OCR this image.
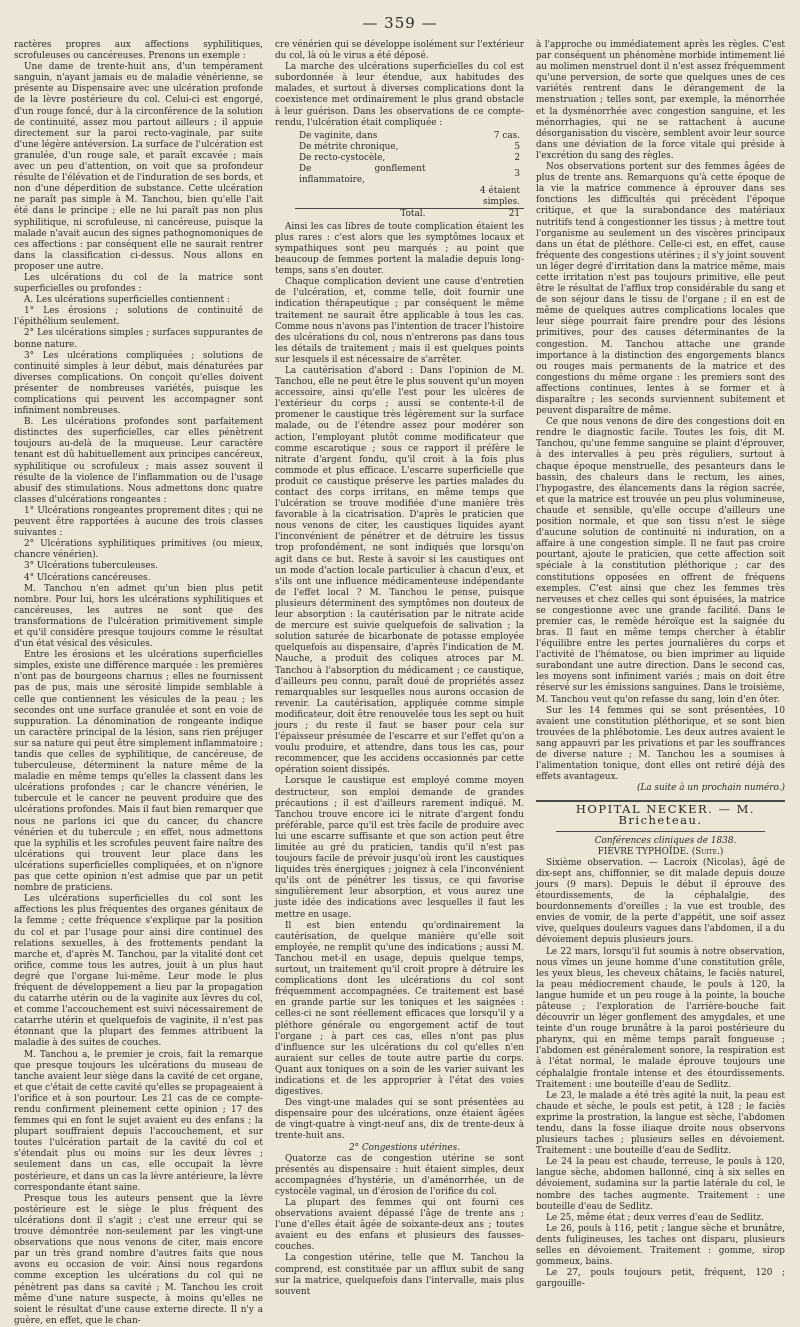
— 359 —

ractères propres aux affections syphilitiques, scrofuleuses ou cancéreuses. Prenons un exemple :

Une dame de trente-huit ans, d'un tempérament sanguin, n'ayant jamais eu de maladie vénérienne, se présente au Dispensaire avec une ulcération profonde de la lèvre postérieure du col. Celui-ci est engorgé, d'un rouge foncé, dur à la circonférence de la solution de continuité, assez mou partout ailleurs ; il appuie directement sur la paroi recto-vaginale, par suite d'une légère antéversion. La surface de l'ulcération est granulée, d'un rouge sale, et paraît excavée ; mais avec un peu d'attention, on voit que sa profondeur résulte de l'élévation et de l'induration de ses bords, et non d'une déperdition de substance. Cette ulcération ne paraît pas simple à M. Tanchou, bien qu'elle l'ait été dans le principe ; elle ne lui paraît pas non plus syphilitique, ni scrofuleuse, ni cancéreuse, puisque la malade n'avait aucun des signes pathognomoniques de ces affections : par conséquent elle ne saurait rentrer dans la classification ci-dessus. Nous allons en proposer une autre.

Les ulcérations du col de la matrice sont superficielles ou profondes :

A. Les ulcérations superficielles contiennent :

1° Les érosions ; solutions de continuité de l'épithélium seulement.

2° Les ulcérations simples ; surfaces suppurantes de bonne nature.

3° Les ulcérations compliquées ; solutions de continuité simples à leur début, mais dénaturées par diverses complications. On conçoit qu'elles doivent présenter de nombreuses variétés, puisque les complications qui peuvent les accompagner sont infiniment nombreuses.

B. Les ulcérations profondes sont parfaitement distinctes des superficielles, car elles pénètrent toujours au-delà de la muqueuse. Leur caractère tenant est dû habituellement aux principes cancéreux, syphilitique ou scrofuleux ; mais assez souvent il résulte de la violence de l'inflammation ou de l'usage abusif des stimulations. Nous admettons donc quatre classes d'ulcérations rongeantes :

1° Ulcérations rongeantes proprement dites ; qui ne peuvent être rapportées à aucune des trois classes suivantes :

2° Ulcérations syphilitiques primitives (ou mieux, chancre vénérien).

3° Ulcérations tuberculeuses.

4° Ulcérations cancéreuses.

M. Tanchou n'en admet qu'un bien plus petit nombre. Pour lui, hors les ulcérations syphilitiques et cancéreuses, les autres ne sont que des transformations de l'ulcération primitivement simple et qu'il considère presque toujours comme le résultat d'un état vésical des vésicules.

Entre les érosions et les ulcérations superficielles simples, existe une différence marquée : les premières n'ont pas de bourgeons charnus ; elles ne fournissent pas de pus, mais une sérosité limpide semblable à celle que contiennent les vésicules de la peau ; les secondes ont une surface granulée et sont en voie de suppuration. La dénomination de rongeante indique un caractère principal de la lésion, sans rien préjuger sur sa nature qui peut être simplement inflammatoire ; tandis que celles de syphilitique, de cancéreuse, de tuberculeuse, déterminent la nature même de la maladie en même temps qu'elles la classent dans les ulcérations profondes ; car le chancre vénérien, le tubercule et le cancer ne peuvent produire que des ulcérations profondes. Mais il faut bien remarquer que nous ne parlons ici que du cancer, du chancre vénérien et du tubercule ; en effet, nous admettons que la syphilis et les scrofules peuvent faire naître des ulcérations qui trouvent leur place dans les ulcérations superficielles compliquées, et on n'ignore pas que cette opinion n'est admise que par un petit nombre de praticiens.

Les ulcérations superficielles du col sont les affections les plus fréquentes des organes génitaux de la femme ; cette fréquence s'explique par la position du col et par l'usage pour ainsi dire continuel des relations sexuelles, à des frottements pendant la marche et, d'après M. Tanchou, par la vitalité dont cet orifice, comme tous les autres, jouit à un plus haut degré que l'organe lui-même. Leur mode le plus fréquent de développement a lieu par la propagation du catarrhe utérin ou de la vaginite aux lèvres du col, et comme l'accouchement est suivi nécessairement de catarrhe utérin et quelquefois de vaginite, il n'est pas étonnant que la plupart des femmes attribuent la maladie à des suites de couches.

M. Tanchou a, le premier je crois, fait la remarque que presque toujours les ulcérations du museau de tanche avaient leur siège dans la cavité de cet organe, et que c'était de cette cavité qu'elles se propageaient à l'orifice et à son pourtour. Les 21 cas de ce compte-rendu confirment pleinement cette opinion ; 17 des femmes qui en font le sujet avaient eu des enfans ; la plupart souffraient depuis l'accouchement, et sur toutes l'ulcération partait de la cavité du col et s'étendait plus ou moins sur les deux lèvres ; seulement dans un cas, elle occupait la lèvre postérieure, et dans un cas la lèvre antérieure, la lèvre correspondante étant saine.

Presque tous les auteurs pensent que la lèvre postérieure est le siège le plus fréquent des ulcérations dont il s'agit ; c'est une erreur qui se trouve démontrée non-seulement par les vingt-une observations que nous venons de citer, mais encore par un très grand nombre d'autres faits que nous avons eu occasion de voir. Ainsi nous regardons comme exception les ulcérations du col qui ne pénètrent pas dans sa cavité ; M. Tanchou les croit même d'une nature suspecte, à moins qu'elles ne soient le résultat d'une cause externe directe. Il n'y a guère, en effet, que le chan-

cre vénérien qui se développe isolément sur l'extérieur du col, là où le virus a été déposé.

La marche des ulcérations superficielles du col est subordonnée à leur étendue, aux habitudes des malades, et surtout à diverses complications dont la coexistence met ordinairement le plus grand obstacle à leur guérison. Dans les observations de ce compte-rendu, l'ulcération était compliquée :

De vaginite, dans	7 cas.
De métrite chronique,	5
De recto-cystocèle,	2
De gonflement inflammatoire,	3
	4 étaient simples.
Total.	21

Ainsi les cas libres de toute complication étaient les plus rares : c'est alors que les symptômes locaux et sympathiques sont peu marqués ; au point que beaucoup de femmes portent la maladie depuis long-temps, sans s'en douter.

Chaque complication devient une cause d'entretien de l'ulcération, et, comme telle, doit fournir une indication thérapeutique ; par conséquent le même traitement ne saurait être applicable à tous les cas. Comme nous n'avons pas l'intention de tracer l'histoire des ulcérations du col, nous n'entrerons pas dans tous les détails de traitement ; mais il est quelques points sur lesquels il est nécessaire de s'arrêter.

La cautérisation d'abord : Dans l'opinion de M. Tanchou, elle ne peut être le plus souvent qu'un moyen accessoire, ainsi qu'elle l'est pour les ulcères de l'extérieur du corps ; aussi se contente-t-il de promener le caustique très légèrement sur la surface malade, ou de l'étendre assez pour modérer son action, l'employant plutôt comme modificateur que comme escarotique ; sous ce rapport il préfère le nitrate d'argent fondu, qu'il croit à la fois plus commode et plus efficace. L'escarre superficielle que produit ce caustique préserve les parties malades du contact des corps irritans, en même temps que l'ulcération se trouve modifiée d'une manière très favorable à la cicatrisation. D'après le praticien que nous venons de citer, les caustiques liquides ayant l'inconvénient de pénétrer et de détruire les tissus trop profondément, ne sont indiqués que lorsqu'on agit dans ce but. Reste à savoir si les caustiques ont un mode d'action locale particulier à chacun d'eux, et s'ils ont une influence médicamenteuse indépendante de l'effet local ? M. Tanchou le pense, puisque plusieurs déterminent des symptômes non douteux de leur absorption : la cautérisation par le nitrate acide de mercure est suivie quelquefois de salivation ; la solution saturée de bicarbonate de potasse employée quelquefois au dispensaire, d'après l'indication de M. Nauche, a produit des coliques atroces par M. Tanchou à l'absorption du médicament ; ce caustique, d'ailleurs peu connu, paraît doué de propriétés assez remarquables sur lesquelles nous aurons occasion de revenir. La cautérisation, appliquée comme simple modificateur, doit être renouvelée tous les sept ou huit jours ; du reste il faut se baser pour cela sur l'épaisseur présumée de l'escarre et sur l'effet qu'on a voulu produire, et attendre, dans tous les cas, pour recommencer, que les accidens occasionnés par cette opération soient dissipés.

Lorsque le caustique est employé comme moyen destructeur, son emploi demande de grandes précautions ; il est d'ailleurs rarement indiqué. M. Tanchou trouve encore ici le nitrate d'argent fondu préférable, parce qu'il est très facile de produire avec lui une escarre suffisante et que son action peut être limitée au gré du praticien, tandis qu'il n'est pas toujours facile de prévoir jusqu'où iront les caustiques liquides très énergiques ; joignez à cela l'inconvénient qu'ils ont de pénétrer les tissus, ce qui favorise singulièrement leur absorption, et vous aurez une juste idée des indications avec lesquelles il faut les mettre en usage.

Il est bien entendu qu'ordinairement la cautérisation, de quelque manière qu'elle soit employée, ne remplit qu'une des indications ; aussi M. Tanchou met-il en usage, depuis quelque temps, surtout, un traitement qu'il croit propre à détruire les complications dont les ulcérations du col sont fréquemment accompagnées. Ce traitement est basé en grande partie sur les toniques et les saignées : celles-ci ne sont réellement efficaces que lorsqu'il y a pléthore générale ou engorgement actif de tout l'organe ; à part ces cas, elles n'ont pas plus d'influence sur les ulcérations du col qu'elles n'en auraient sur celles de toute autre partie du corps. Quant aux toniques on a soin de les varier suivant les indications et de les approprier à l'état des voies digestives.

Des vingt-une malades qui se sont présentées au dispensaire pour des ulcérations, onze étaient âgées de vingt-quatre à vingt-neuf ans, dix de trente-deux à trente-huit ans.

2° Congestions utérines.

Quatorze cas de congestion utérine se sont présentés au dispensaire : huit étaient simples, deux accompagnées d'hystérie, un d'aménorrhée, un de cystocèle vaginal, un d'érosion de l'orifice du col.

La plupart des femmes qui ont fourni ces observations avaient dépassé l'âge de trente ans ; l'une d'elles était âgée de soixante-deux ans ; toutes avaient eu des enfans et plusieurs des fausses-couches.

La congestion utérine, telle que M. Tanchou la comprend, est constituée par un afflux subit de sang sur la matrice, quelquefois dans l'intervalle, mais plus souvent

à l'approche ou immédiatement après les règles. C'est par conséquent un phénomène morbide intimement lié au molimen menstruel dont il n'est assez fréquemment qu'une perversion, de sorte que quelques unes de ces variétés rentrent dans le dérangement de la menstruation ; telles sont, par exemple, la ménorrhée et la dysménorrhée avec congestion sanguine, et les ménorrhagies, qui ne se rattachent à aucune désorganisation du viscère, semblent avoir leur source dans une déviation de la force vitale qui préside à l'excrétion du sang des règles.

Nos observations portent sur des femmes âgées de plus de trente ans. Remarquons qu'à cette époque de la vie la matrice commence à éprouver dans ses fonctions les difficultés qui précèdent l'époque critique, et que la surabondance des matériaux nutritifs tend à congestionner les tissus ; à mettre tout l'organisme au seulement un des viscères principaux dans un état de pléthore. Celle-ci est, en effet, cause fréquente des congestions utérines ; il s'y joint souvent un léger degré d'irritation dans la matrice même, mais cette irritation n'est pas toujours primitive, elle peut être le résultat de l'afflux trop considérable du sang et de son séjour dans le tissu de l'organe ; il en est de même de quelques autres complications locales que leur siège pourrait faire prendre pour des lésions primitives, pour des causes déterminantes de la congestion. M. Tanchou attache une grande importance à la distinction des engorgements blancs ou rouges mais permanents de la matrice et des congestions du même organe : les premiers sont des affections continues, lentes à se former et à disparaître ; les seconds surviennent subitement et peuvent disparaître de même.

Ce que nous venons de dire des congestions doit en rendre le diagnostic facile. Toutes les fois, dit M. Tanchou, qu'une femme sanguine se plaint d'éprouver, à des intervalles à peu près réguliers, surtout à chaque époque menstruelle, des pesanteurs dans le bassin, des chaleurs dans le rectum, les aines, l'hypogastre, des élancements dans la région sacrée, et que la matrice est trouvée un peu plus volumineuse, chaude et sensible, qu'elle occupe d'ailleurs une position normale, et que son tissu n'est le siège d'aucune solution de continuité ni induration, on a affaire à une congestion simple. Il ne faut pas croire pourtant, ajoute le praticien, que cette affection soit spéciale à la constitution pléthorique ; car des constitutions opposées en offrent de fréquens exemples. C'est ainsi que chez les femmes très nerveuses et chez celles qui sont épuisées, la matrice se congestionne avec une grande facilité. Dans le premier cas, le remède héroïque est la saignée du bras. Il faut en même temps chercher à établir l'équilibre entre les pertes journalières du corps et l'activité de l'hématose, ou bien imprimer au liquide surabondant une autre direction. Dans le second cas, les moyens sont infiniment variés ; mais on doit être réservé sur les émissions sanguines. Dans le troisième, M. Tanchou veut qu'on refasse du sang, loin d'en ôter.

Sur les 14 femmes qui se sont présentées, 10 avaient une constitution pléthorique, et se sont bien trouvées de la phlébotomie. Les deux autres avaient le sang appauvri par les privations et par les souffrances de diverse nature ; M. Tanchou les a soumises à l'alimentation tonique, dont elles ont retiré déjà des effets avantageux.

(La suite à un prochain numéro.)

HOPITAL NECKER. — M. Bricheteau.

Conférences cliniques de 1838.

FIÈVRE TYPHOÏDE. (Suite.)

Sixième observation. — Lacroix (Nicolas), âgé de dix-sept ans, chiffonnier, se dit malade depuis douze jours (9 mars). Depuis le début il éprouve des étourdissements, de la céphalalgie, des bourdonnements d'oreilles ; la vue est trouble, des envies de vomir, de la perte d'appétit, une soif assez vive, quelques douleurs vagues dans l'abdomen, il a du dévoiement depuis plusieurs jours.

Le 22 mars, lorsqu'il fut soumis à notre observation, nous vîmes un jeune homme d'une constitution grêle, les yeux bleus, les cheveux châtains, le faciès naturel, la peau médiocrement chaude, le pouls à 120, la langue humide et un peu rouge à la pointe, la bouche pâteuse ; l'exploration de l'arrière-bouche fait découvrir un léger gonflement des amygdales, et une teinte d'un rouge brunâtre à la paroi postérieure du pharynx, qui en même temps paraît fongueuse ; l'abdomen est généralement sonore, la respiration est à l'état normal, le malade éprouve toujours une céphalalgie frontale intense et des étourdissements. Traitement : une bouteille d'eau de Sedlitz.

Le 23, le malade a été très agité la nuit, la peau est chaude et sèche, le pouls est petit, à 128 ; le faciès exprime la prostration, la langue est sèche, l'abdomen tendu, dans la fosse iliaque droite nous observons plusieurs taches ; plusieurs selles en dévoiement. Traitement : une bouteille d'eau de Sedlitz.

Le 24 la peau est chaude, terreuse, le pouls à 120, langue sèche, abdomen ballonné, cinq à six selles en dévoiement, sudamina sur la partie latérale du col, le nombre des taches augmente. Traitement : une bouteille d'eau de Sedlitz.

Le 25, même état ; deux verres d'eau de Sedlitz.

Le 26, pouls à 116, petit ; langue sèche et brunâtre, dents fuligineuses, les taches ont disparu, plusieurs selles en dévoiement. Traitement : gomme, sirop gommeux, bains.

Le 27, pouls toujours petit, fréquent, 120 ; gargouille-
